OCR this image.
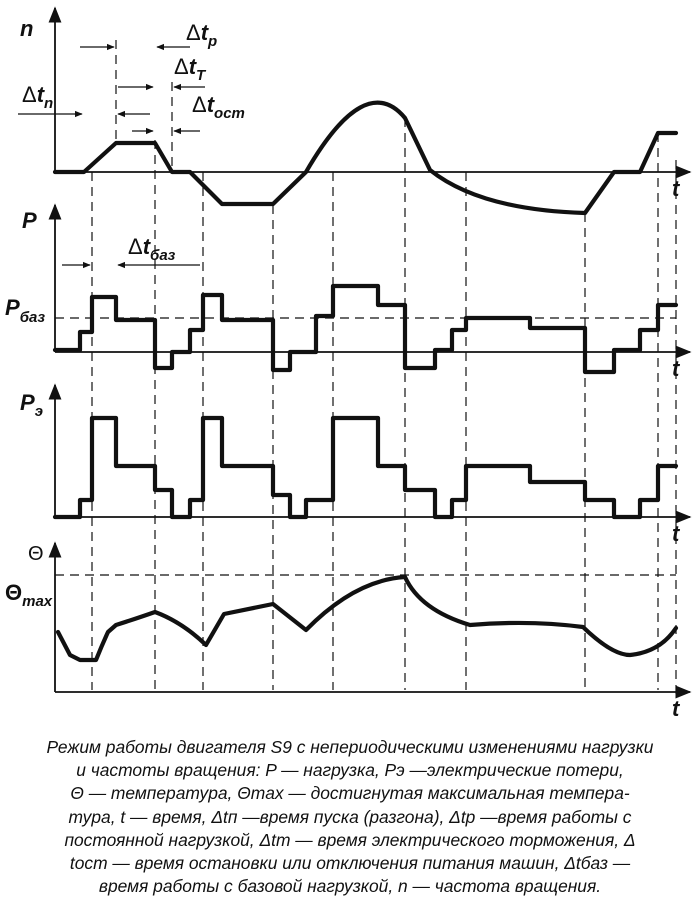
Δtp
ΔtT
Δtn	Δtост
Δtбаз
n
P
Pбаз
Pэ
Θ
Θmax
t
t
t
t
Режим работы двигателя S9 с непериодическими изменениями нагрузки
и частоты вращения: P — нагрузка, Рэ —электрические потери,
Θ — температура, Θmax — достигнутая максимальная темпера-
тура, t — время, Δtп —время пуска (разгона), Δtр —время работы с
постоянной нагрузкой, Δtm — время электрического торможения, Δ
tост — время остановки или отключения питания машин, Δtбаз —
время работы с базовой нагрузкой, n — частота вращения.
